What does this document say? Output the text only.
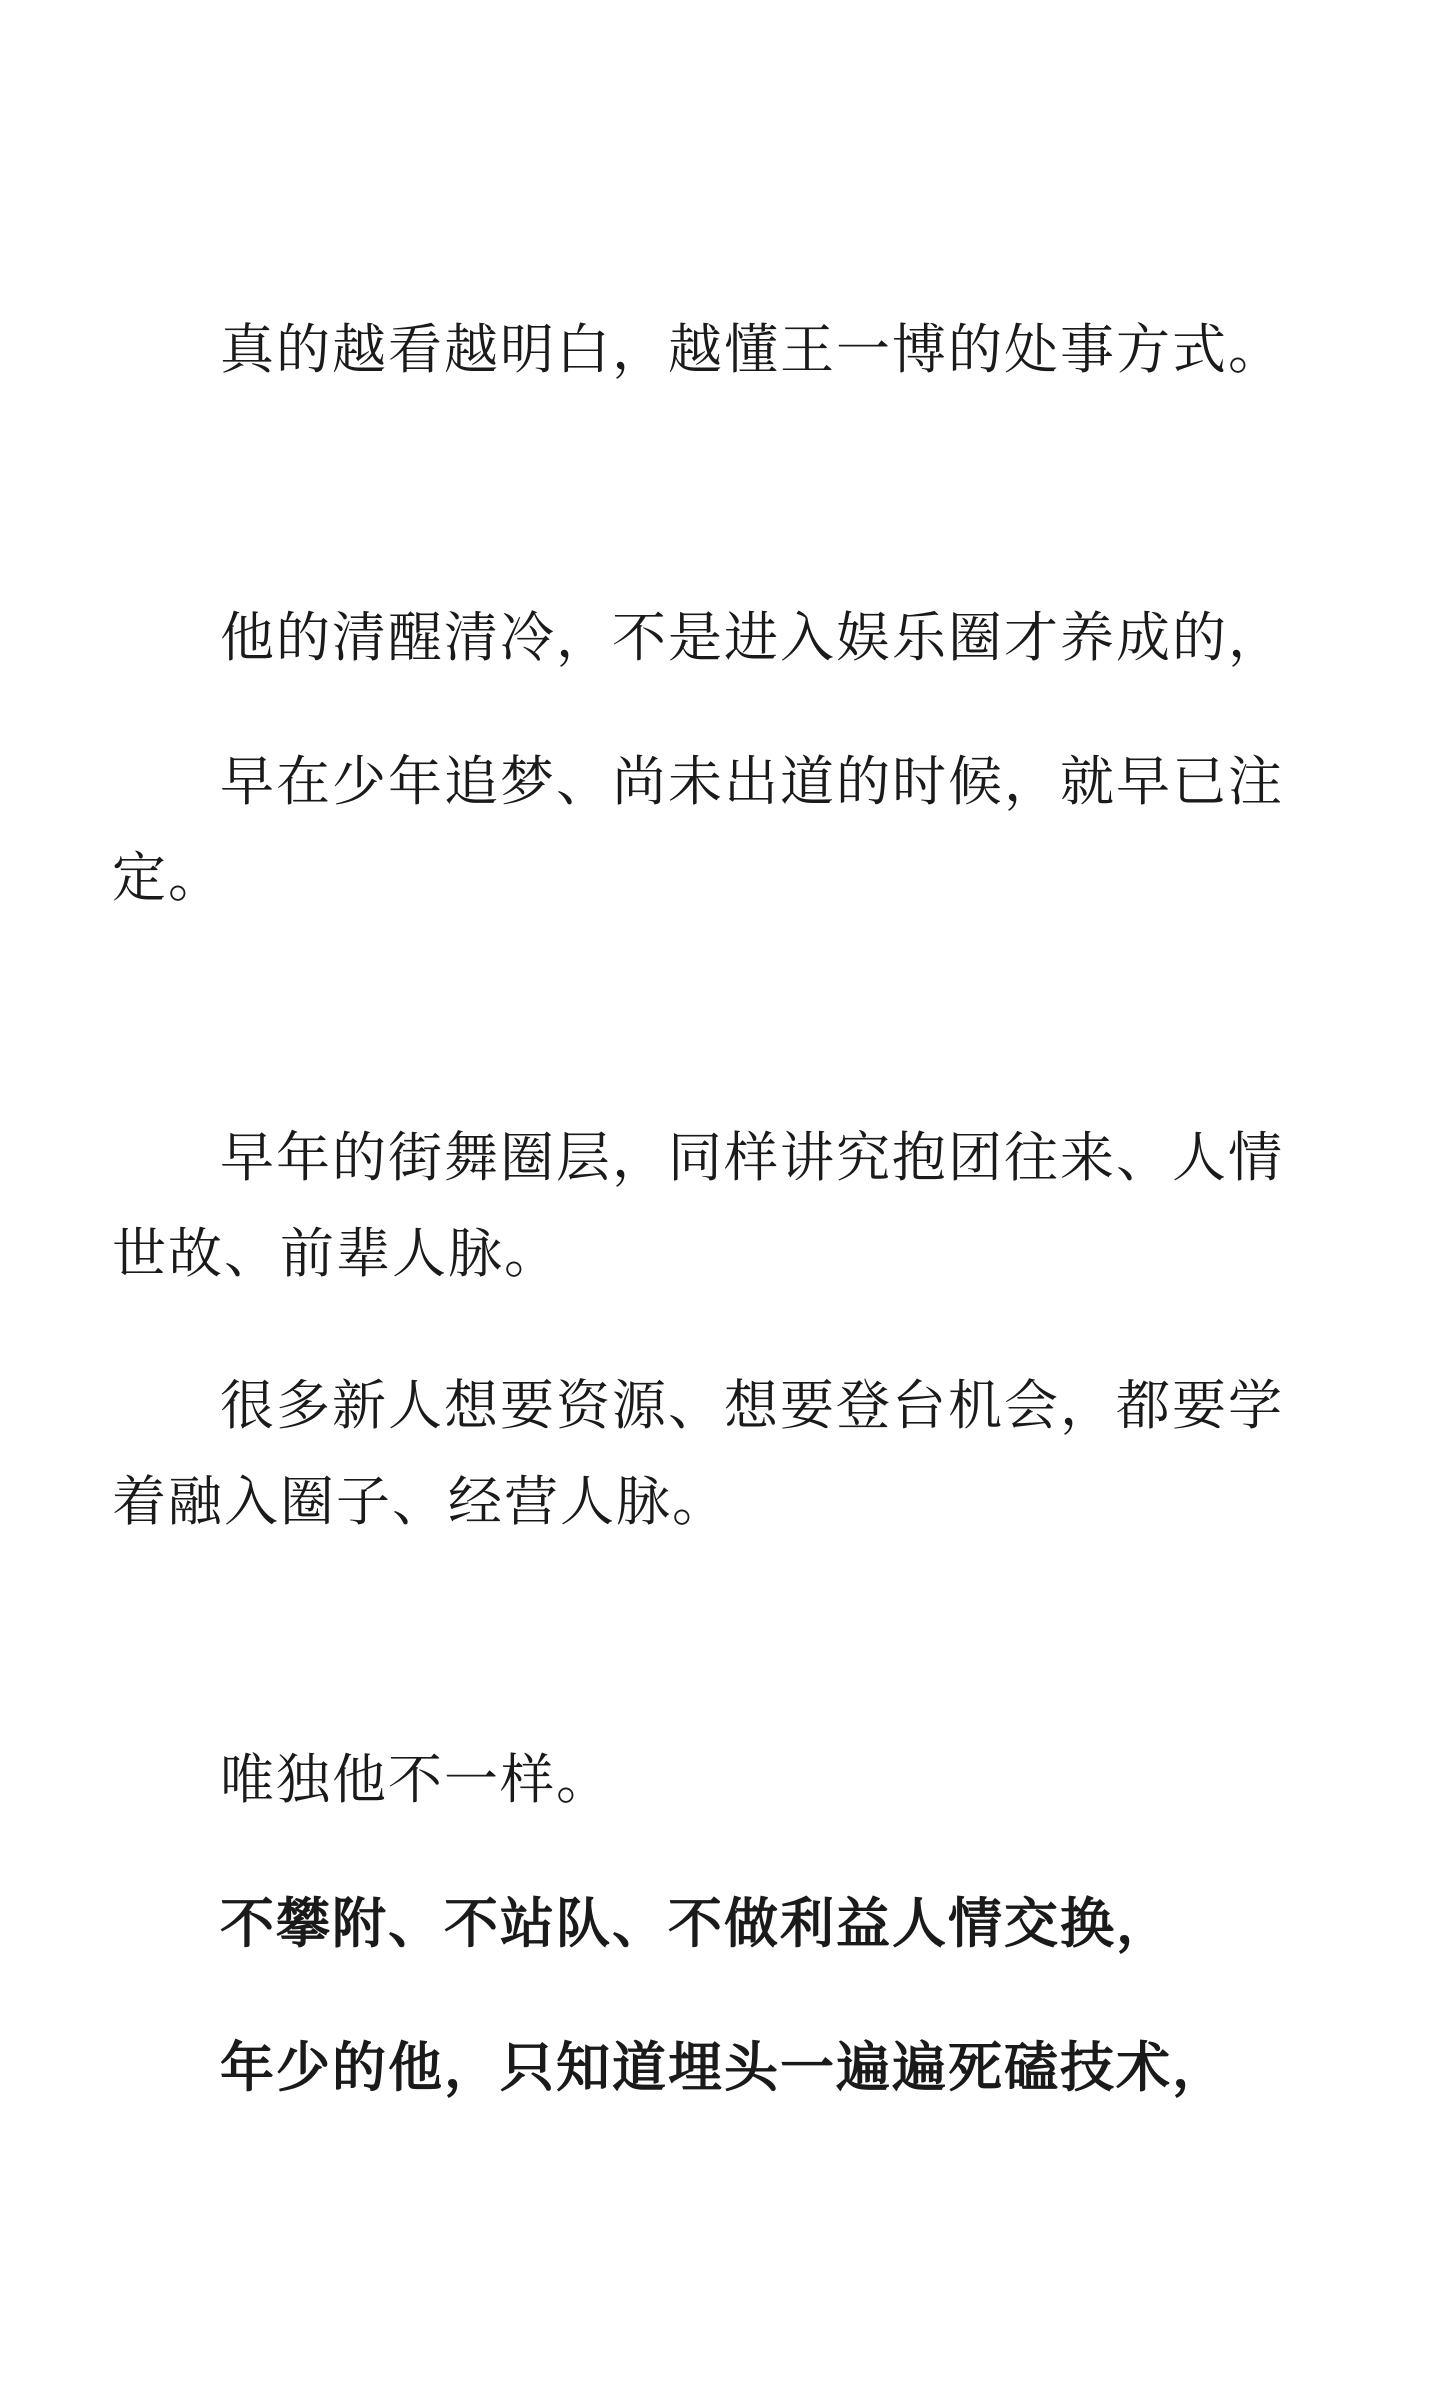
真的越看越明白，越懂王一博的处事方式。

他的清醒清冷，不是进入娱乐圈才养成的，

早在少年追梦、尚未出道的时候，就早已注定。

早年的街舞圈层，同样讲究抱团往来、人情世故、前辈人脉。

很多新人想要资源、想要登台机会，都要学着融入圈子、经营人脉。

唯独他不一样。

不攀附、不站队、不做利益人情交换，

年少的他，只知道埋头一遍遍死磕技术，
